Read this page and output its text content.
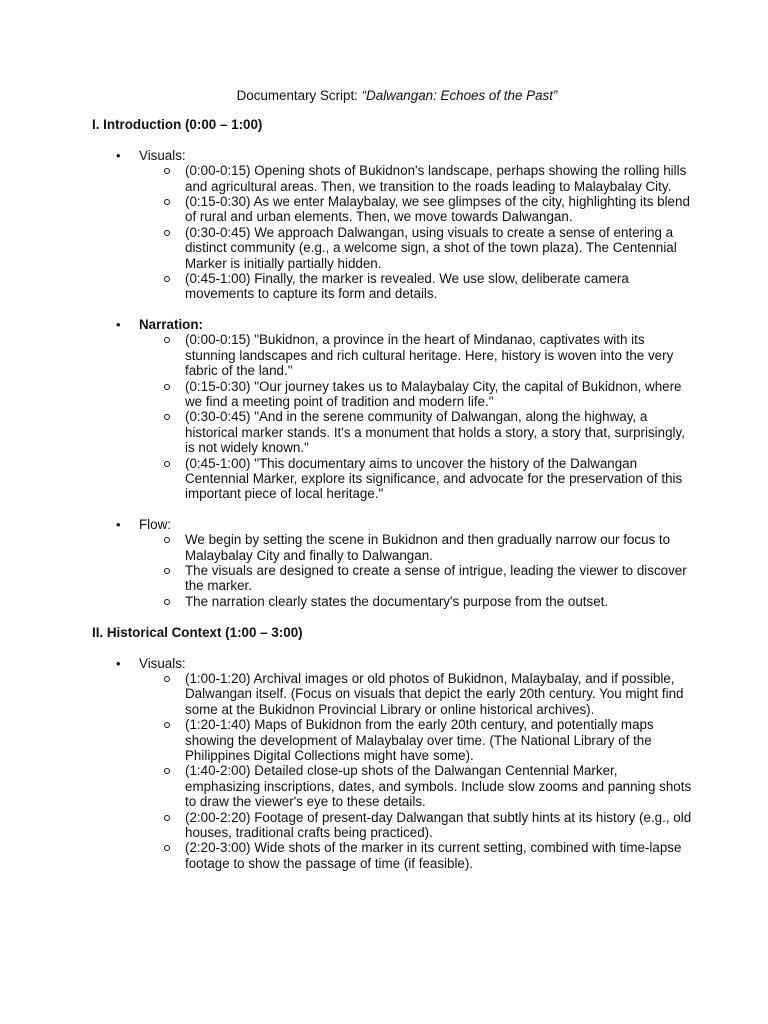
Documentary Script: “Dalwangan: Echoes of the Past”
I. Introduction (0:00 – 1:00)
• Visuals:
(0:00-0:15) Opening shots of Bukidnon's landscape, perhaps showing the rolling hills and agricultural areas. Then, we transition to the roads leading to Malaybalay City.
(0:15-0:30) As we enter Malaybalay, we see glimpses of the city, highlighting its blend of rural and urban elements. Then, we move towards Dalwangan.
(0:30-0:45) We approach Dalwangan, using visuals to create a sense of entering a distinct community (e.g., a welcome sign, a shot of the town plaza). The Centennial Marker is initially partially hidden.
(0:45-1:00) Finally, the marker is revealed. We use slow, deliberate camera movements to capture its form and details.
• Narration:
(0:00-0:15) "Bukidnon, a province in the heart of Mindanao, captivates with its stunning landscapes and rich cultural heritage. Here, history is woven into the very fabric of the land."
(0:15-0:30) "Our journey takes us to Malaybalay City, the capital of Bukidnon, where we find a meeting point of tradition and modern life."
(0:30-0:45) "And in the serene community of Dalwangan, along the highway, a historical marker stands. It's a monument that holds a story, a story that, surprisingly, is not widely known."
(0:45-1:00) "This documentary aims to uncover the history of the Dalwangan Centennial Marker, explore its significance, and advocate for the preservation of this important piece of local heritage."
• Flow:
We begin by setting the scene in Bukidnon and then gradually narrow our focus to Malaybalay City and finally to Dalwangan.
The visuals are designed to create a sense of intrigue, leading the viewer to discover the marker.
The narration clearly states the documentary's purpose from the outset.
II. Historical Context (1:00 – 3:00)
• Visuals:
(1:00-1:20) Archival images or old photos of Bukidnon, Malaybalay, and if possible, Dalwangan itself. (Focus on visuals that depict the early 20th century. You might find some at the Bukidnon Provincial Library or online historical archives).
(1:20-1:40) Maps of Bukidnon from the early 20th century, and potentially maps showing the development of Malaybalay over time. (The National Library of the Philippines Digital Collections might have some).
(1:40-2:00) Detailed close-up shots of the Dalwangan Centennial Marker, emphasizing inscriptions, dates, and symbols. Include slow zooms and panning shots to draw the viewer's eye to these details.
(2:00-2:20) Footage of present-day Dalwangan that subtly hints at its history (e.g., old houses, traditional crafts being practiced).
(2:20-3:00) Wide shots of the marker in its current setting, combined with time-lapse footage to show the passage of time (if feasible).
